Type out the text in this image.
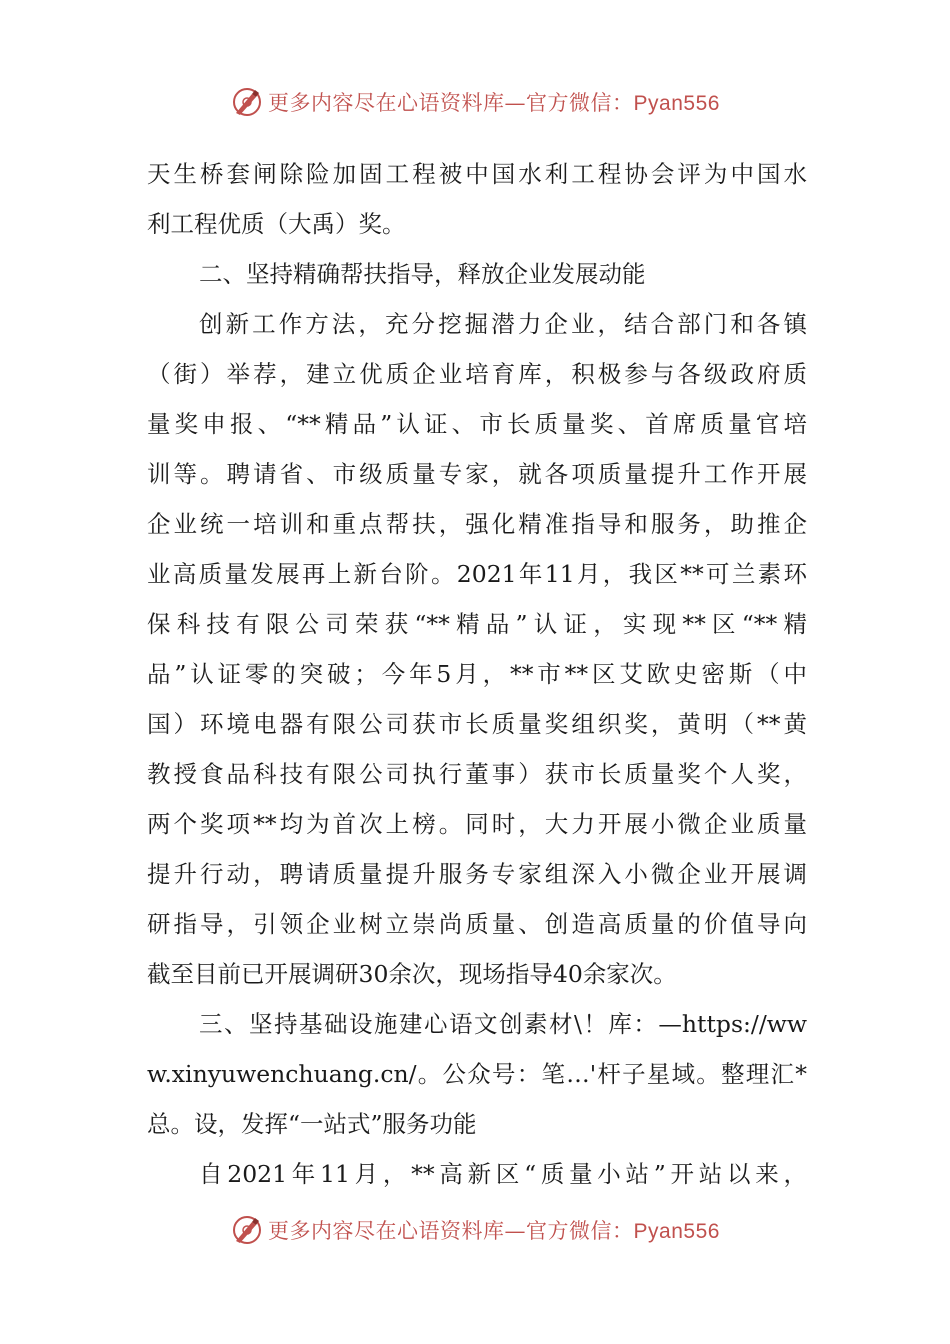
更多内容尽在心语资料库—官方微信：Pyan556
天生桥套闸除险加固工程被中国水利工程协会评为中国水
利工程优质（大禹）奖。
二、坚持精确帮扶指导，释放企业发展动能
创新工作方法，充分挖掘潜力企业，结合部门和各镇
（街）举荐，建立优质企业培育库，积极参与各级政府质
量奖申报、“**精品”认证、市长质量奖、首席质量官培
训等。聘请省、市级质量专家，就各项质量提升工作开展
企业统一培训和重点帮扶，强化精准指导和服务，助推企
业高质量发展再上新台阶。2021年11月，我区**可兰素环
保科技有限公司荣获“**精品”认证，实现**区“**精
品”认证零的突破；今年5月，**市**区艾欧史密斯（中
国）环境电器有限公司获市长质量奖组织奖，黄明（**黄
教授食品科技有限公司执行董事）获市长质量奖个人奖，
两个奖项**均为首次上榜。同时，大力开展小微企业质量
提升行动，聘请质量提升服务专家组深入小微企业开展调
研指导，引领企业树立崇尚质量、创造高质量的价值导向
截至目前已开展调研30余次，现场指导40余家次。
三、坚持基础设施建心语文创素材\！库：—https://ww
w.xinyuwenchuang.cn/。公众号：笔…'杆子星域。整理汇*
总。设，发挥“一站式”服务功能
自2021年11月，**高新区“质量小站”开站以来，
更多内容尽在心语资料库—官方微信：Pyan556
